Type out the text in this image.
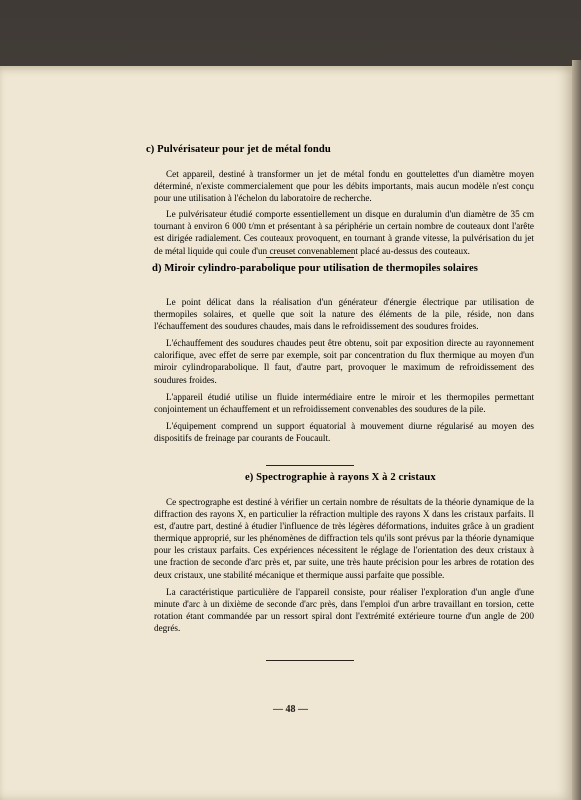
c) Pulvérisateur pour jet de métal fondu

Cet appareil, destiné à transformer un jet de métal fondu en gouttelettes d'un diamètre moyen déterminé, n'existe commercialement que pour les débits importants, mais aucun modèle n'est conçu pour une utilisation à l'échelon du laboratoire de recherche.

Le pulvérisateur étudié comporte essentiellement un disque en duralumin d'un diamètre de 35 cm tournant à environ 6 000 t/mn et présentant à sa périphérie un certain nombre de couteaux dont l'arête est dirigée radialement. Ces couteaux provoquent, en tournant à grande vitesse, la pulvérisation du jet de métal liquide qui coule d'un creuset convenablement placé au-dessus des couteaux.

d) Miroir cylindro-parabolique pour utilisation de thermopiles solaires

Le point délicat dans la réalisation d'un générateur d'énergie électrique par utilisation de thermopiles solaires, et quelle que soit la nature des éléments de la pile, réside, non dans l'échauffement des soudures chaudes, mais dans le refroidissement des soudures froides.

L'échauffement des soudures chaudes peut être obtenu, soit par exposition directe au rayonnement calorifique, avec effet de serre par exemple, soit par concentration du flux thermique au moyen d'un miroir cylindroparabolique. Il faut, d'autre part, provoquer le maximum de refroidissement des soudures froides.

L'appareil étudié utilise un fluide intermédiaire entre le miroir et les thermopiles permettant conjointement un échauffement et un refroidissement convenables des soudures de la pile.

L'équipement comprend un support équatorial à mouvement diurne régularisé au moyen des dispositifs de freinage par courants de Foucault.

e) Spectrographie à rayons X à 2 cristaux

Ce spectrographe est destiné à vérifier un certain nombre de résultats de la théorie dynamique de la diffraction des rayons X, en particulier la réfraction multiple des rayons X dans les cristaux parfaits. Il est, d'autre part, destiné à étudier l'influence de très légères déformations, induites grâce à un gradient thermique approprié, sur les phénomènes de diffraction tels qu'ils sont prévus par la théorie dynamique pour les cristaux parfaits. Ces expériences nécessitent le réglage de l'orientation des deux cristaux à une fraction de seconde d'arc près et, par suite, une très haute précision pour les arbres de rotation des deux cristaux, une stabilité mécanique et thermique aussi parfaite que possible.

La caractéristique particulière de l'appareil consiste, pour réaliser l'exploration d'un angle d'une minute d'arc à un dixième de seconde d'arc près, dans l'emploi d'un arbre travaillant en torsion, cette rotation étant commandée par un ressort spiral dont l'extrémité extérieure tourne d'un angle de 200 degrés.

— 48 —
